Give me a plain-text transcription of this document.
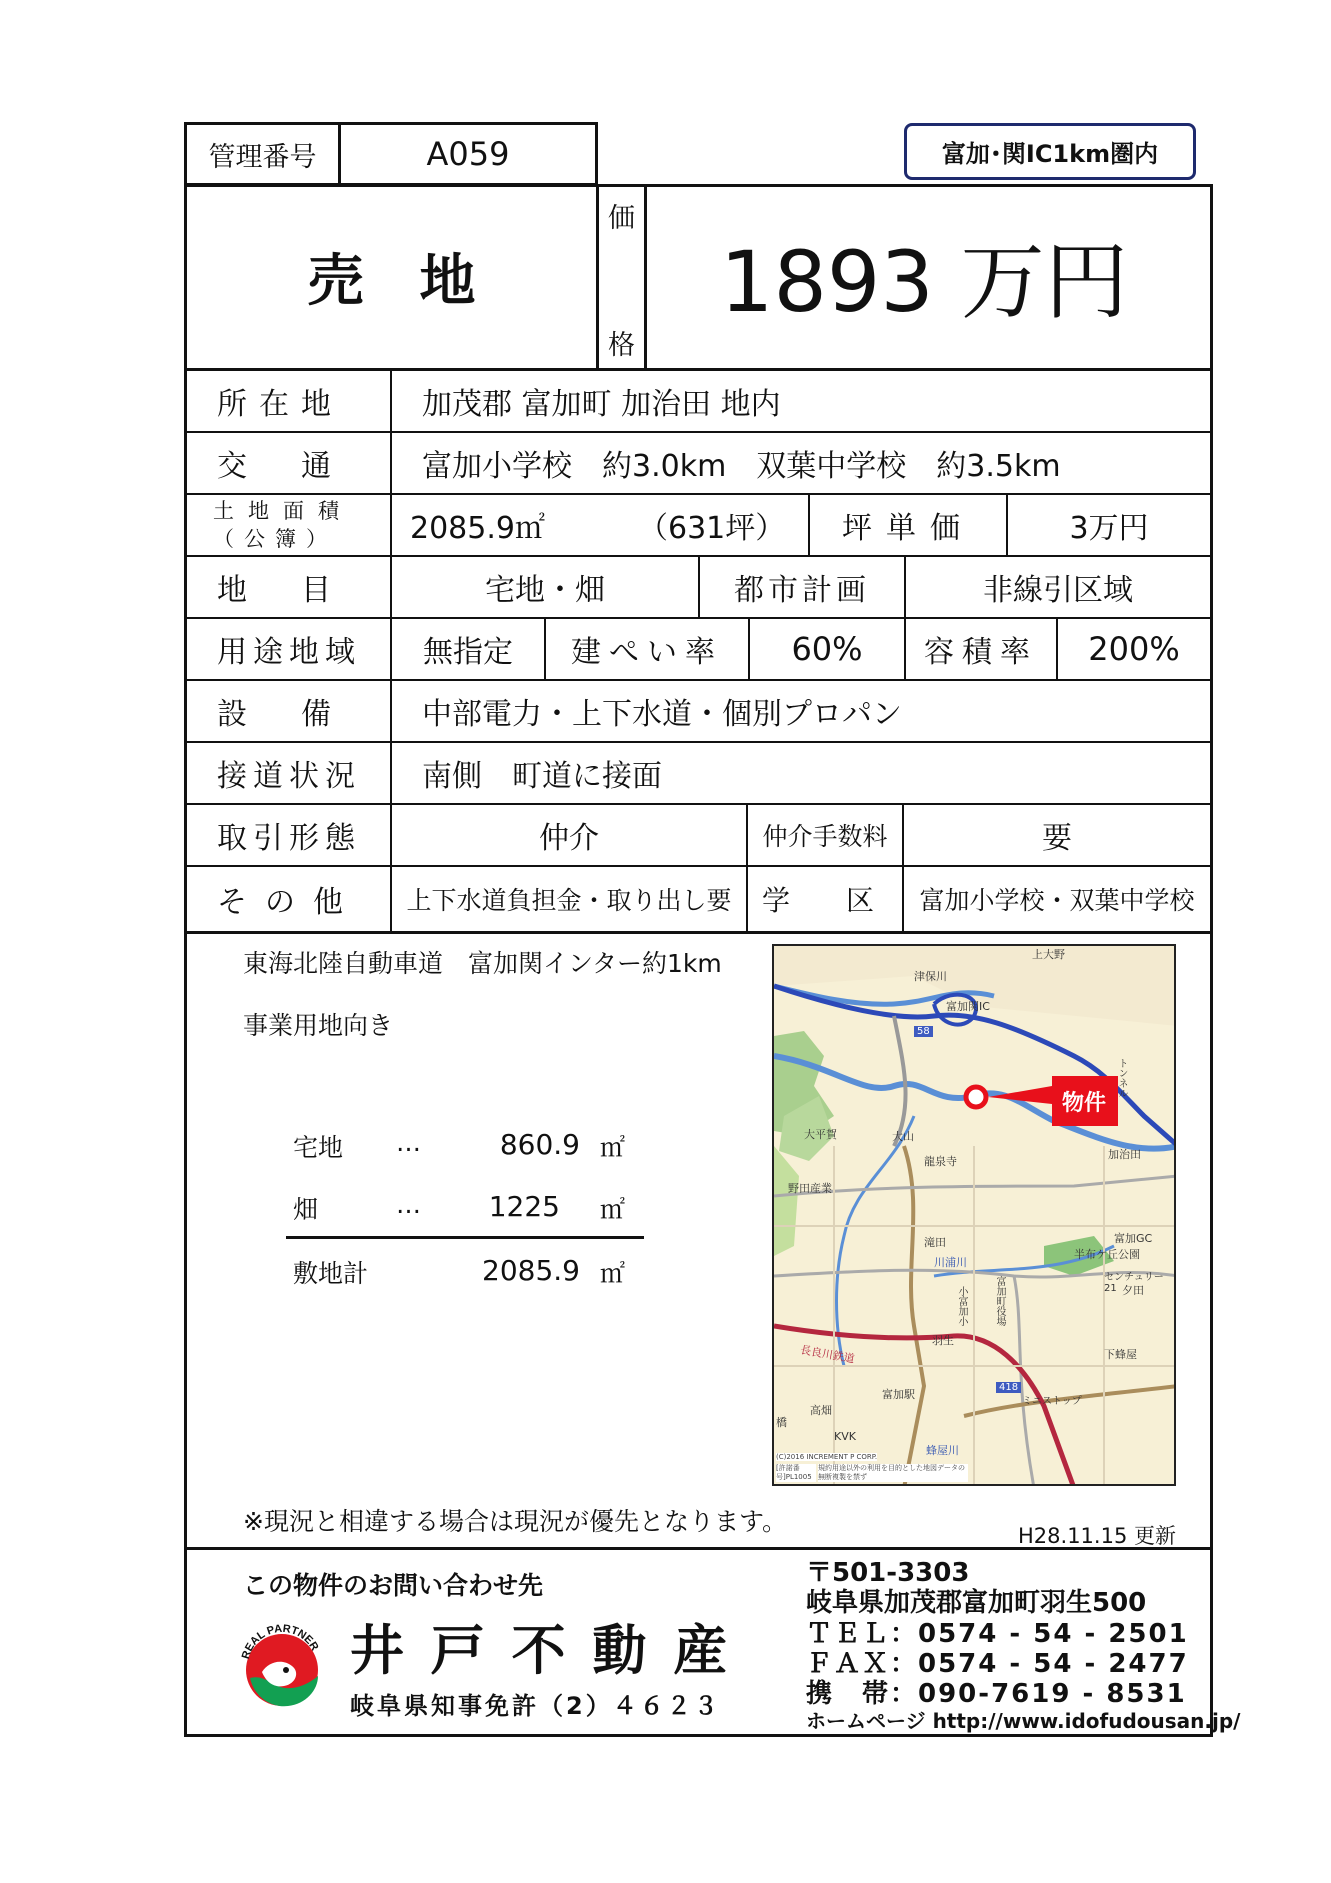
管理番号	A059	富加･関IC1km圏内
売　地
価
格
1893 万円
所在地	加茂郡 富加町 加治田 地内
交　通	富加小学校　約3.0km　双葉中学校　約3.5km
土地面積
（公簿）	2085.9㎡	（631坪）	坪単価	3万円
地　目	宅地・畑	都市計画	非線引区域
用途地域	無指定	建ぺい率	60%	容積率	200%
設　備	中部電力・上下水道・個別プロパン
接道状況	南側　町道に接面
取引形態	仲介	仲介手数料	要
その他	上下水道負担金・取り出し要	学　区	富加小学校・双葉中学校
東海北陸自動車道　富加関インター約1km
事業用地向き
宅地 …	860.9 ㎡
畑	…	1225 ㎡
敷地計	2085.9 ㎡
物件
津保川
富加関IC
58
上大野
トンネル
大平賀	大山
龍泉寺
野田産業
加治田
富加GC
半布ケ丘公園
センチュリー21
滝田
川浦川
小富加小	富加町役場	夕田
羽生
下蜂屋
長良川鉄道
富加駅
418
ミニストップ
高畑
橋
KVK
蜂屋川
(C)2016 INCREMENT P CORP.
[許諾番号]PL1005
規約用途以外の利用を目的とした地図データの無断複製を禁ず
※現況と相違する場合は現況が優先となります。	H28.11.15 更新
この物件のお問い合わせ先
REAL PARTNER 井 戸 不 動 産
岐阜県知事免許（2）４６２３
〒501-3303
岐阜県加茂郡富加町羽生500
ＴＥＬ：0574 - 54 - 2501
ＦＡＸ：0574 - 54 - 2477
携　帯：090-7619 - 8531
ホームページ http://www.idofudousan.jp/
